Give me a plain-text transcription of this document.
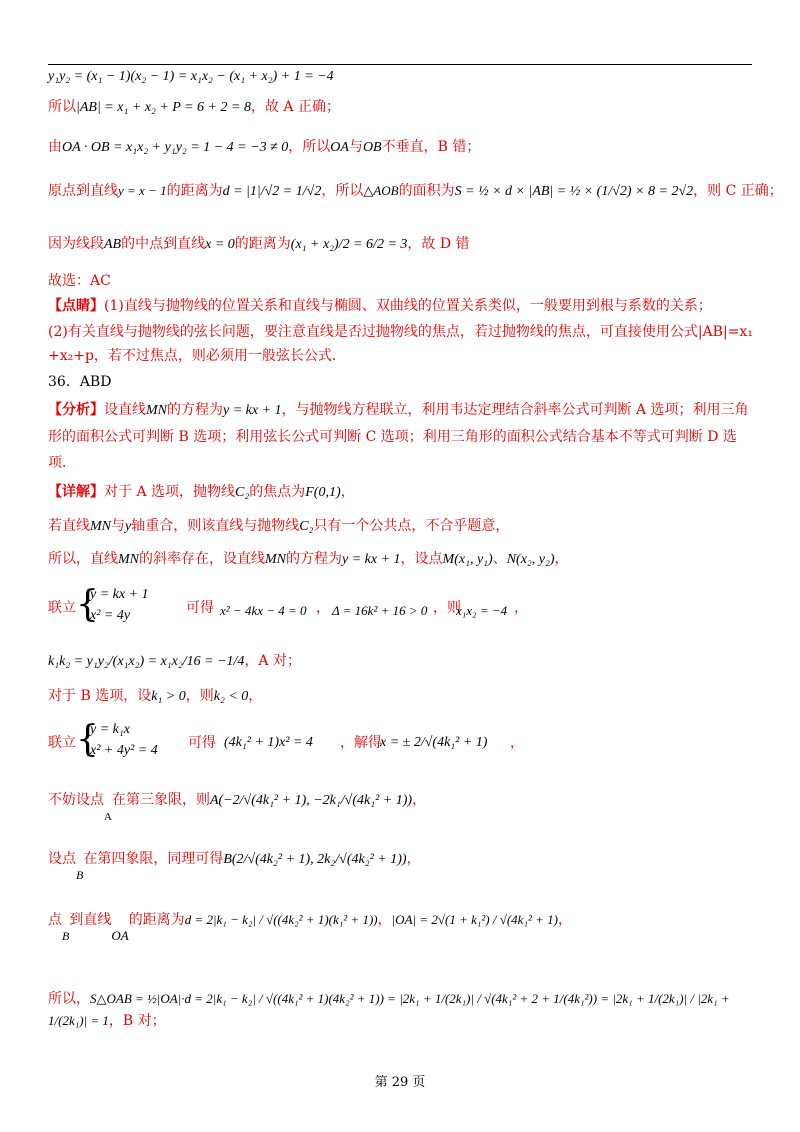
y₁y₂ = (x₁ − 1)(x₂ − 1) = x₁x₂ − (x₁ + x₂) + 1 = −4
所以|AB| = x₁ + x₂ + P = 6 + 2 = 8，故 A 正确；
由OA · OB = x₁x₂ + y₁y₂ = 1 − 4 = −3 ≠ 0，所以OA与OB不垂直，B 错；
原点到直线y = x − 1的距离为d = |1|/√2 = 1/√2，所以△AOB的面积为S = ½ × d × |AB| = ½ × (1/√2) × 8 = 2√2，则 C 正确；
因为线段AB的中点到直线x = 0的距离为(x₁ + x₂)/2 = 6/2 = 3，故 D 错
故选：AC
【点睛】(1)直线与抛物线的位置关系和直线与椭圆、双曲线的位置关系类似，一般要用到根与系数的关系；
(2)有关直线与抛物线的弦长问题，要注意直线是否过抛物线的焦点，若过抛物线的焦点，可直接使用公式|AB|=x₁
+x₂+p，若不过焦点，则必须用一般弦长公式．
36．ABD
【分析】设直线MN的方程为y = kx + 1，与抛物线方程联立，利用韦达定理结合斜率公式可判断 A 选项；利用三角形的面积公式可判断 B 选项；利用弦长公式可判断 C 选项；利用三角形的面积公式结合基本不等式可判断 D 选项．
【详解】对于 A 选项，抛物线C₂的焦点为F(0,1)，
若直线MN与y轴重合，则该直线与抛物线C₂只有一个公共点，不合乎题意，
所以，直线MN的斜率存在，设直线MN的方程为y = kx + 1，设点M(x₁, y₁)、N(x₂, y₂)，
联立 {
y = kx + 1
x² = 4y	可得 x² − 4kx − 4 = 0 ， Δ = 16k² + 16 > 0 ，则
x₁x₂ = −4 ，
k₁k₂ = y₁y₂/(x₁x₂) = x₁x₂/16 = −1/4，A 对；
对于 B 选项，设k₁ > 0，则k₂ < 0，
联立 {
y = k₁x
x² + 4y² = 4 可得 (4k₁² + 1)x² = 4 ，解得
x = ± 2/√(4k₁² + 1) ，
不妨设点$_A$在第三象限，则A(−2/√(4k₁² + 1), −2k₁/√(4k₁² + 1))，
设点B在第四象限，同理可得B(2/√(4k₂² + 1), 2k₂/√(4k₂² + 1))，
点B到直线OA的距离为d = 2|k₁ − k₂| / √((4k₂² + 1)(k₁² + 1))，|OA| = 2√(1 + k₁²) / √(4k₁² + 1)，
所以，S△OAB = ½|OA|·d = 2|k₁ − k₂| / √((4k₁² + 1)(4k₂² + 1)) = |2k₁ + 1/(2k₁)| / √(4k₁² + 2 + 1/(4k₁²)) = |2k₁ + 1/(2k₁)| / |2k₁ + 1/(2k₁)| = 1，B 对；
第 29 页
